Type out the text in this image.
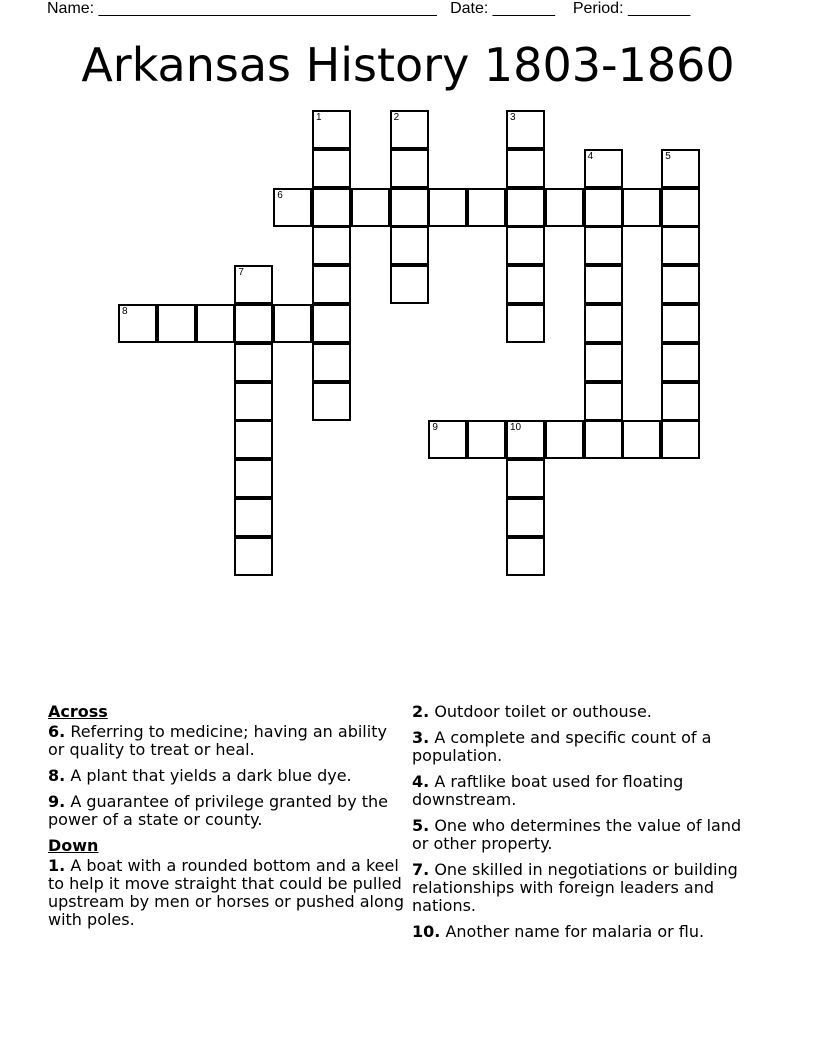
Name: ______________________________________ Date: _______ Period: _______
Arkansas History 1803-1860
1	2	3
4	5
6
7
8
9	10
Across
6. Referring to medicine; having an ability or quality to treat or heal.
8. A plant that yields a dark blue dye.
9. A guarantee of privilege granted by the power of a state or county.
Down
1. A boat with a rounded bottom and a keel to help it move straight that could be pulled upstream by men or horses or pushed along with poles.
2. Outdoor toilet or outhouse.
3. A complete and specific count of a population.
4. A raftlike boat used for floating downstream.
5. One who determines the value of land or other property.
7. One skilled in negotiations or building relationships with foreign leaders and nations.
10. Another name for malaria or flu.
